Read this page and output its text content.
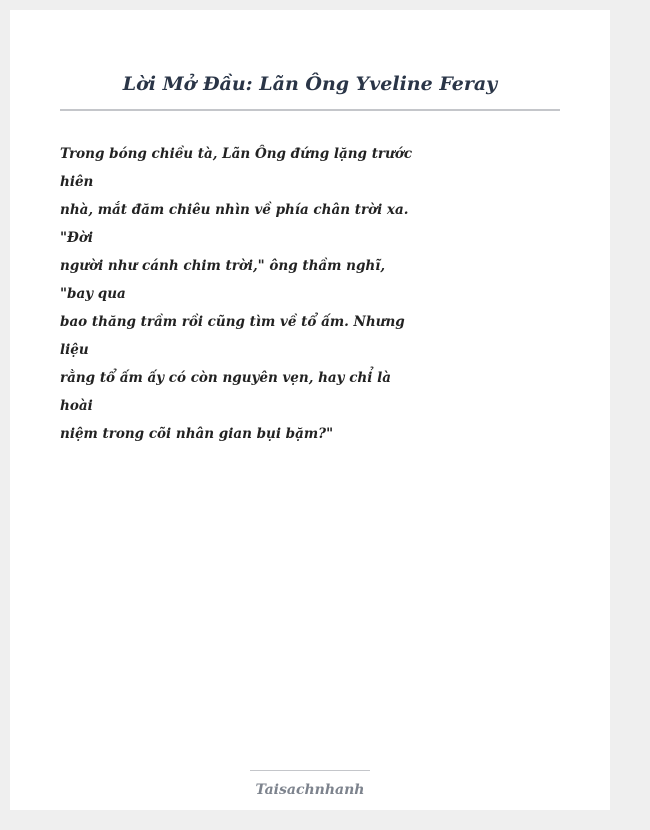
Lời Mở Đầu: Lãn Ông Yveline Feray
Trong bóng chiều tà, Lãn Ông đứng lặng trước
hiên
nhà, mắt đăm chiêu nhìn về phía chân trời xa.
"Đời
người như cánh chim trời," ông thầm nghĩ,
"bay qua
bao thăng trầm rồi cũng tìm về tổ ấm. Nhưng
liệu
rằng tổ ấm ấy có còn nguyên vẹn, hay chỉ là
hoài
niệm trong cõi nhân gian bụi bặm?"
Taisachnhanh
